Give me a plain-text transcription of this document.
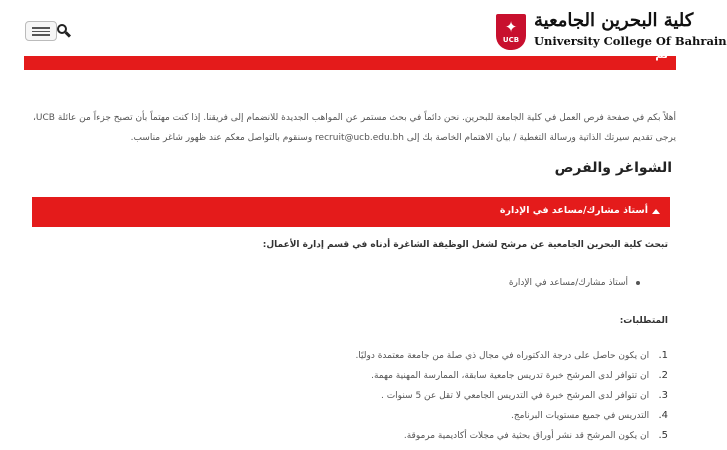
✦
UCB
كلية البحرين الجامعية
University College Of Bahrain
ىم
أهلاً بكم في صفحة فرص العمل في كلية الجامعة للبحرين. نحن دائماً في بحث مستمر عن المواهب الجديدة للانضمام إلى فريقنا. إذا كنت مهتماً بأن تصبح جزءاً من عائلة UCB،
يرجى تقديم سيرتك الذاتية ورسالة التغطية / بيان الاهتمام الخاصة بك إلى recruit@ucb.edu.bh وسنقوم بالتواصل معكم عند ظهور شاغر مناسب.
الشواغر والفرص
أستاذ مشارك/مساعد في الإدارة
تبحث كلية البحرين الجامعية عن مرشح لشغل الوظيفة الشاغرة أدناه في قسم إدارة الأعمال:
أستاذ مشارك/مساعد في الإدارة
المتطلبات:
1. ان يكون حاصل على درجة الدكتوراه في مجال ذي صلة من جامعة معتمدة دوليًا.
2. ان تتوافر لدى المرشح خبرة تدريس جامعية سابقة، الممارسة المهنية مهمة.
3. ان تتوافر لدى المرشح خبرة في التدريس الجامعي لا تقل عن 5 سنوات .
4. التدريس في جميع مستويات البرنامج.
5. ان يكون المرشح قد نشر أوراق بحثية في مجلات أكاديمية مرموقة.
